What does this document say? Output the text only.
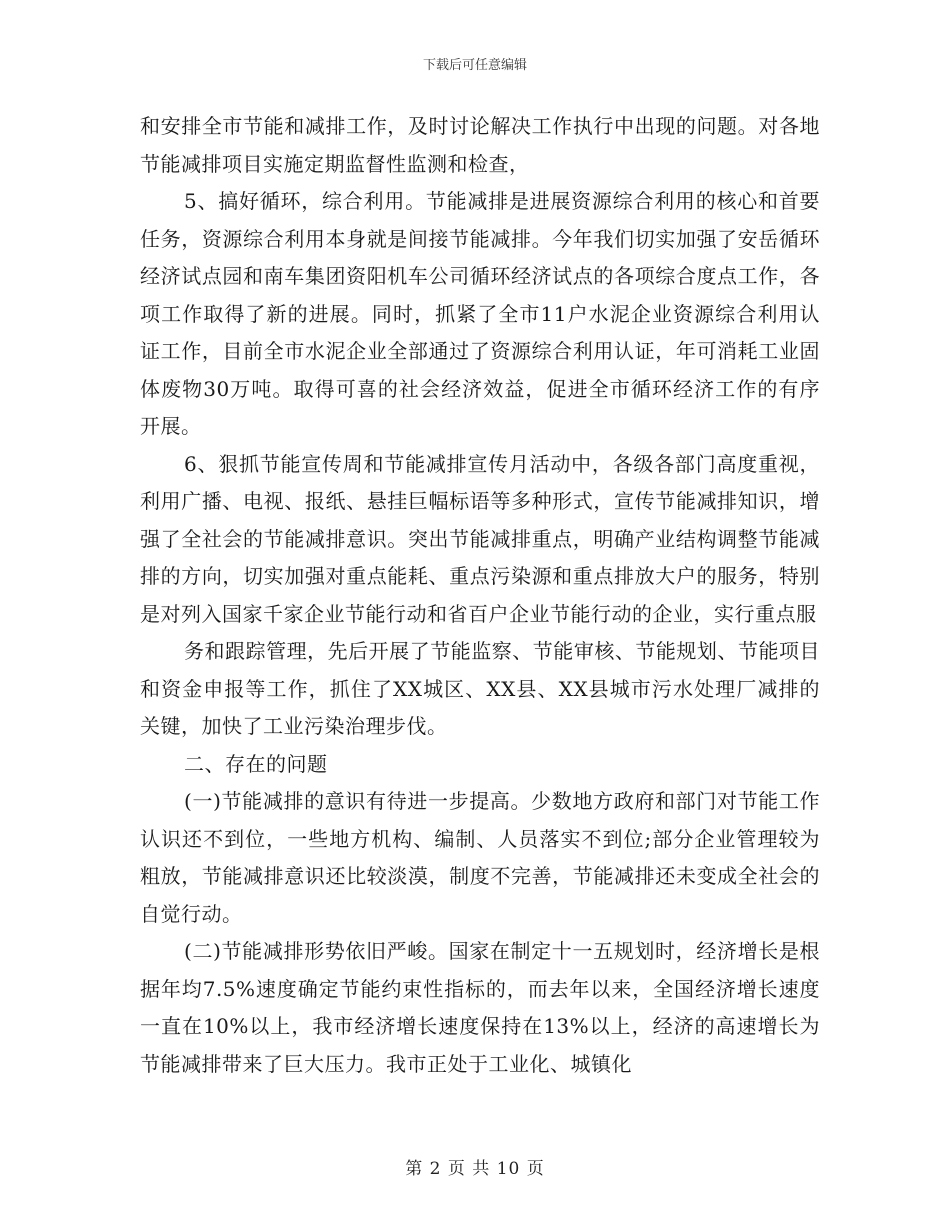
下载后可任意编辑

和安排全市节能和减排工作，及时讨论解决工作执行中出现的问题。对各地节能减排项目实施定期监督性监测和检查，

5、搞好循环，综合利用。节能减排是进展资源综合利用的核心和首要任务，资源综合利用本身就是间接节能减排。今年我们切实加强了安岳循环经济试点园和南车集团资阳机车公司循环经济试点的各项综合度点工作，各项工作取得了新的进展。同时，抓紧了全市11户水泥企业资源综合利用认证工作，目前全市水泥企业全部通过了资源综合利用认证，年可消耗工业固体废物30万吨。取得可喜的社会经济效益，促进全市循环经济工作的有序开展。

6、狠抓节能宣传周和节能减排宣传月活动中，各级各部门高度重视，利用广播、电视、报纸、悬挂巨幅标语等多种形式，宣传节能减排知识，增强了全社会的节能减排意识。突出节能减排重点，明确产业结构调整节能减排的方向，切实加强对重点能耗、重点污染源和重点排放大户的服务，特别是对列入国家千家企业节能行动和省百户企业节能行动的企业，实行重点服

务和跟踪管理，先后开展了节能监察、节能审核、节能规划、节能项目和资金申报等工作，抓住了XX城区、XX县、XX县城市污水处理厂减排的关键，加快了工业污染治理步伐。

二、存在的问题

(一)节能减排的意识有待进一步提高。少数地方政府和部门对节能工作认识还不到位，一些地方机构、编制、人员落实不到位;部分企业管理较为粗放，节能减排意识还比较淡漠，制度不完善，节能减排还未变成全社会的自觉行动。

(二)节能减排形势依旧严峻。国家在制定十一五规划时，经济增长是根据年均7.5%速度确定节能约束性指标的，而去年以来，全国经济增长速度一直在10%以上，我市经济增长速度保持在13%以上，经济的高速增长为节能减排带来了巨大压力。我市正处于工业化、城镇化

第 2 页 共 10 页
